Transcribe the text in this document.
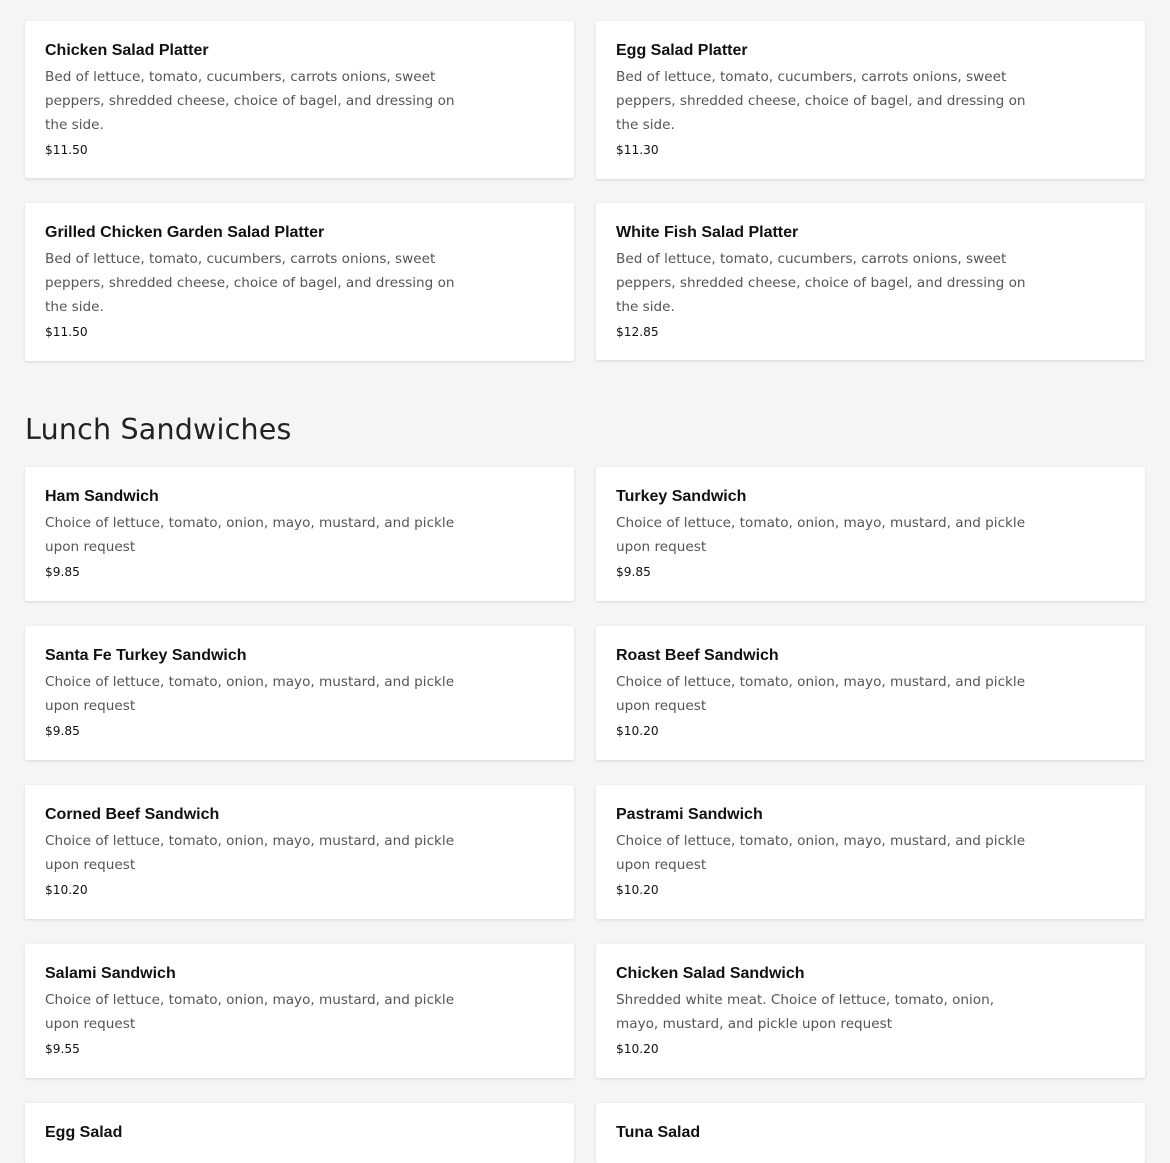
Chicken Salad Platter
Bed of lettuce, tomato, cucumbers, carrots onions, sweet peppers, shredded cheese, choice of bagel, and dressing on the side.
$11.50
Egg Salad Platter
Bed of lettuce, tomato, cucumbers, carrots onions, sweet peppers, shredded cheese, choice of bagel, and dressing on the side.
$11.30
Grilled Chicken Garden Salad Platter
Bed of lettuce, tomato, cucumbers, carrots onions, sweet peppers, shredded cheese, choice of bagel, and dressing on the side.
$11.50
White Fish Salad Platter
Bed of lettuce, tomato, cucumbers, carrots onions, sweet peppers, shredded cheese, choice of bagel, and dressing on the side.
$12.85
Lunch Sandwiches
Ham Sandwich
Choice of lettuce, tomato, onion, mayo, mustard, and pickle upon request
$9.85
Turkey Sandwich
Choice of lettuce, tomato, onion, mayo, mustard, and pickle upon request
$9.85
Santa Fe Turkey Sandwich
Choice of lettuce, tomato, onion, mayo, mustard, and pickle upon request
$9.85
Roast Beef Sandwich
Choice of lettuce, tomato, onion, mayo, mustard, and pickle upon request
$10.20
Corned Beef Sandwich
Choice of lettuce, tomato, onion, mayo, mustard, and pickle upon request
$10.20
Pastrami Sandwich
Choice of lettuce, tomato, onion, mayo, mustard, and pickle upon request
$10.20
Salami Sandwich
Choice of lettuce, tomato, onion, mayo, mustard, and pickle upon request
$9.55
Chicken Salad Sandwich
Shredded white meat. Choice of lettuce, tomato, onion, mayo, mustard, and pickle upon request
$10.20
Egg Salad	Tuna Salad
